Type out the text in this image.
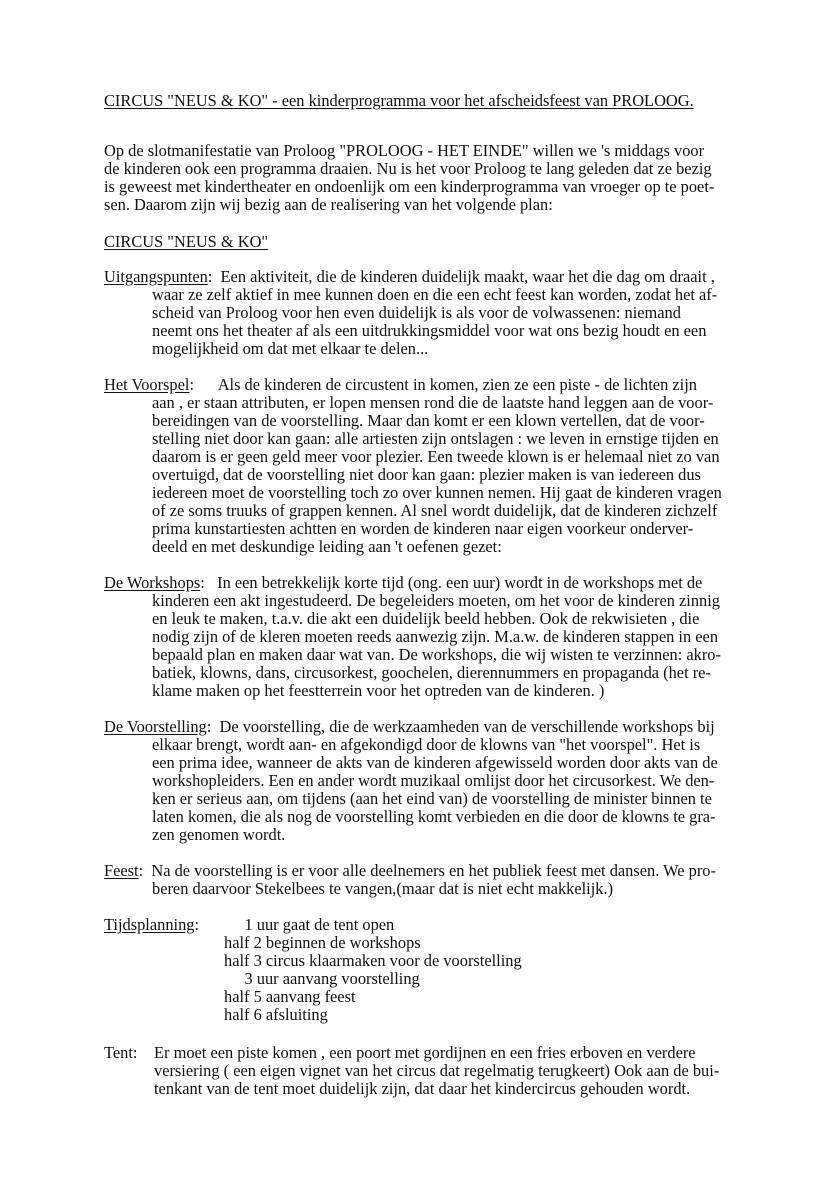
CIRCUS "NEUS & KO" - een kinderprogramma voor het afscheidsfeest van PROLOOG.
Op de slotmanifestatie van Proloog "PROLOOG - HET EINDE" willen we 's middags voor
de kinderen ook een programma draaien. Nu is het voor Proloog te lang geleden dat ze bezig
is geweest met kindertheater en ondoenlijk om een kinderprogramma van vroeger op te poet-
sen. Daarom zijn wij bezig aan de realisering van het volgende plan:
CIRCUS "NEUS & KO"
Uitgangspunten:  Een aktiviteit, die de kinderen duidelijk maakt, waar het die dag om draait ,
waar ze zelf aktief in mee kunnen doen en die een echt feest kan worden, zodat het af-
scheid van Proloog voor hen even duidelijk is als voor de volwassenen: niemand
neemt ons het theater af als een uitdrukkingsmiddel voor wat ons bezig houdt en een
mogelijkheid om dat met elkaar te delen...
Het Voorspel:      Als de kinderen de circustent in komen, zien ze een piste - de lichten zijn
aan , er staan attributen, er lopen mensen rond die de laatste hand leggen aan de voor-
bereidingen van de voorstelling. Maar dan komt er een klown vertellen, dat de voor-
stelling niet door kan gaan: alle artiesten zijn ontslagen : we leven in ernstige tijden en
daarom is er geen geld meer voor plezier. Een tweede klown is er helemaal niet zo van
overtuigd, dat de voorstelling niet door kan gaan: plezier maken is van iedereen dus
iedereen moet de voorstelling toch zo over kunnen nemen. Hij gaat de kinderen vragen
of ze soms truuks of grappen kennen. Al snel wordt duidelijk, dat de kinderen zichzelf
prima kunstartiesten achtten en worden de kinderen naar eigen voorkeur onderver-
deeld en met deskundige leiding aan 't oefenen gezet:
De Workshops:   In een betrekkelijk korte tijd (ong. een uur) wordt in de workshops met de
kinderen een akt ingestudeerd. De begeleiders moeten, om het voor de kinderen zinnig
en leuk te maken, t.a.v. die akt een duidelijk beeld hebben. Ook de rekwisieten , die
nodig zijn of de kleren moeten reeds aanwezig zijn. M.a.w. de kinderen stappen in een
bepaald plan en maken daar wat van. De workshops, die wij wisten te verzinnen: akro-
batiek, klowns, dans, circusorkest, goochelen, dierennummers en propaganda (het re-
klame maken op het feestterrein voor het optreden van de kinderen. )
De Voorstelling:  De voorstelling, die de werkzaamheden van de verschillende workshops bij
elkaar brengt, wordt aan- en afgekondigd door de klowns van "het voorspel". Het is
een prima idee, wanneer de akts van de kinderen afgewisseld worden door akts van de
workshopleiders. Een en ander wordt muzikaal omlijst door het circusorkest. We den-
ken er serieus aan, om tijdens (aan het eind van) de voorstelling de minister binnen te
laten komen, die als nog de voorstelling komt verbieden en die door de klowns te gra-
zen genomen wordt.
Feest:  Na de voorstelling is er voor alle deelnemers en het publiek feest met dansen. We pro-
beren daarvoor Stekelbees te vangen,(maar dat is niet echt makkelijk.)
Tijdsplanning: 1 uur gaat de tent open
half 2 beginnen de workshops
half 3 circus klaarmaken voor de voorstelling
3 uur aanvang voorstelling
half 5 aanvang feest
half 6 afsluiting
Tent: Er moet een piste komen , een poort met gordijnen en een fries erboven en verdere
versiering ( een eigen vignet van het circus dat regelmatig terugkeert) Ook aan de bui-
tenkant van de tent moet duidelijk zijn, dat daar het kindercircus gehouden wordt.
